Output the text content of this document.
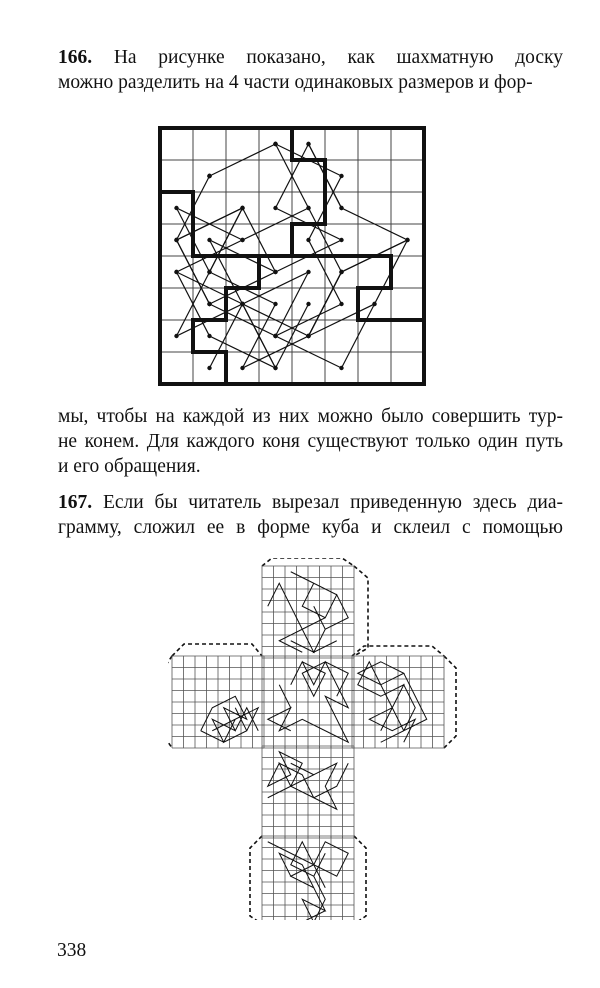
166. На рисунке показано, как шахматную доску
можно разделить на 4 части одинаковых размеров и фор-
мы, чтобы на каждой из них можно было совершить тур-
не конем. Для каждого коня существуют только один путь
и его обращения.
167. Если бы читатель вырезал приведенную здесь диа-
грамму, сложил ее в форме куба и склеил с помощью
338
